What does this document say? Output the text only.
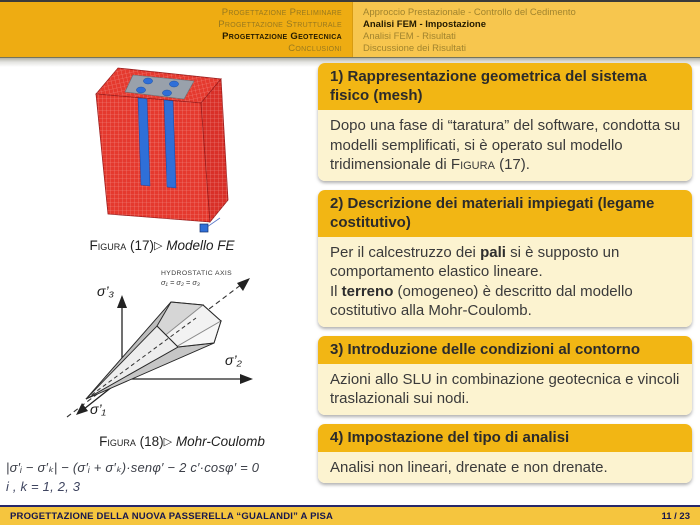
Progettazione Preliminare
Progettazione Strutturale
Progettazione Geotecnica
Conclusioni
Approccio Prestazionale - Controllo del Cedimento
Analisi FEM - Impostazione
Analisi FEM - Risultati
Discussione dei Risultati
Figura (17)▷ Modello FE
σ’₃
σ’₂
σ’₁
HYDROSTATIC AXIS
σ₁ = σ₂ = σ₃
Figura (18)▷ Mohr-Coulomb
|σ′ᵢ − σ′ₖ| − (σ′ᵢ + σ′ₖ)·senφ′ − 2 c′·cosφ′ = 0
i , k = 1, 2, 3
1) Rappresentazione geometrica del sistema fisico (mesh)
Dopo una fase di “taratura” del software, condotta su modelli semplificati, si è operato sul modello tridimensionale di Figura (17).
2) Descrizione dei materiali impiegati (legame costitutivo)
Per il calcestruzzo dei pali si è supposto un comportamento elastico lineare.
Il terreno (omogeneo) è descritto dal modello costitutivo alla Mohr-Coulomb.
3) Introduzione delle condizioni al contorno
Azioni allo SLU in combinazione geotecnica e vincoli traslazionali sui nodi.
4) Impostazione del tipo di analisi
Analisi non lineari, drenate e non drenate.
PROGETTAZIONE DELLA NUOVA PASSERELLA “GUALANDI” A PISA	11 / 23
